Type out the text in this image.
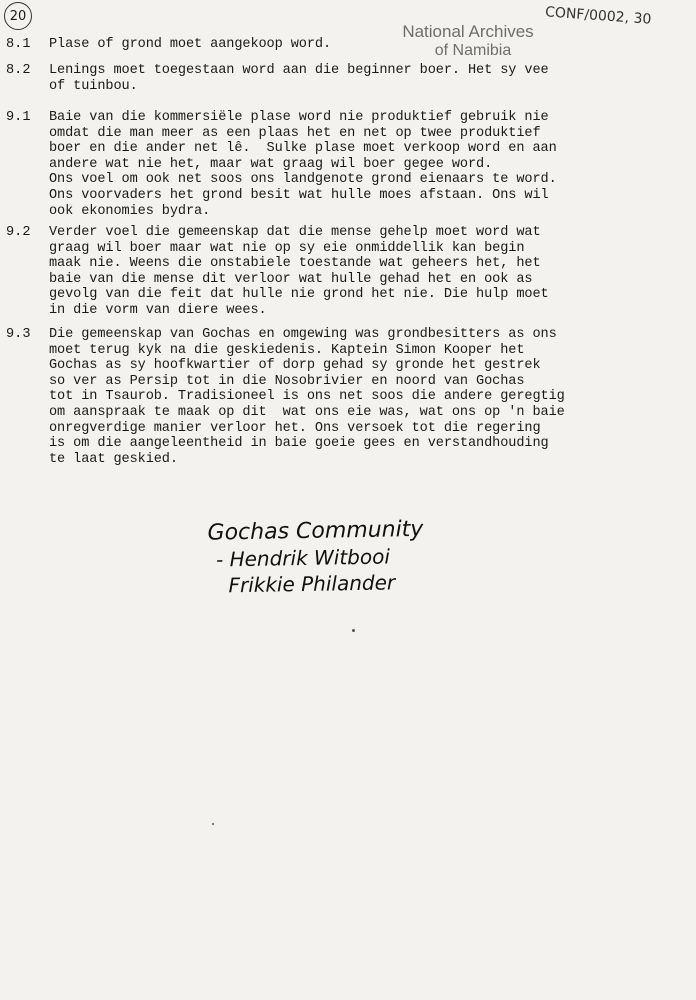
20
National Archives
of Namibia
CONF/0002, 30
8.1	Plase of grond moet aangekoop word.
8.2	Lenings moet toegestaan word aan die beginner boer. Het sy vee
of tuinbou.
9.1	Baie van die kommersiële plase word nie produktief gebruik nie
omdat die man meer as een plaas het en net op twee produktief
boer en die ander net lê.  Sulke plase moet verkoop word en aan
andere wat nie het, maar wat graag wil boer gegee word.
Ons voel om ook net soos ons landgenote grond eienaars te word.
Ons voorvaders het grond besit wat hulle moes afstaan. Ons wil
ook ekonomies bydra.
9.2	Verder voel die gemeenskap dat die mense gehelp moet word wat
graag wil boer maar wat nie op sy eie onmiddellik kan begin
maak nie. Weens die onstabiele toestande wat geheers het, het
baie van die mense dit verloor wat hulle gehad het en ook as
gevolg van die feit dat hulle nie grond het nie. Die hulp moet
in die vorm van diere wees.
9.3	Die gemeenskap van Gochas en omgewing was grondbesitters as ons
moet terug kyk na die geskiedenis. Kaptein Simon Kooper het
Gochas as sy hoofkwartier of dorp gehad sy gronde het gestrek
so ver as Persip tot in die Nosobrivier en noord van Gochas
tot in Tsaurob. Tradisioneel is ons net soos die andere geregtig
om aanspraak te maak op dit  wat ons eie was, wat ons op 'n baie
onregverdige manier verloor het. Ons versoek tot die regering
is om die aangeleentheid in baie goeie gees en verstandhouding
te laat geskied.
Gochas Community
- Hendrik Witbooi
Frikkie Philander
